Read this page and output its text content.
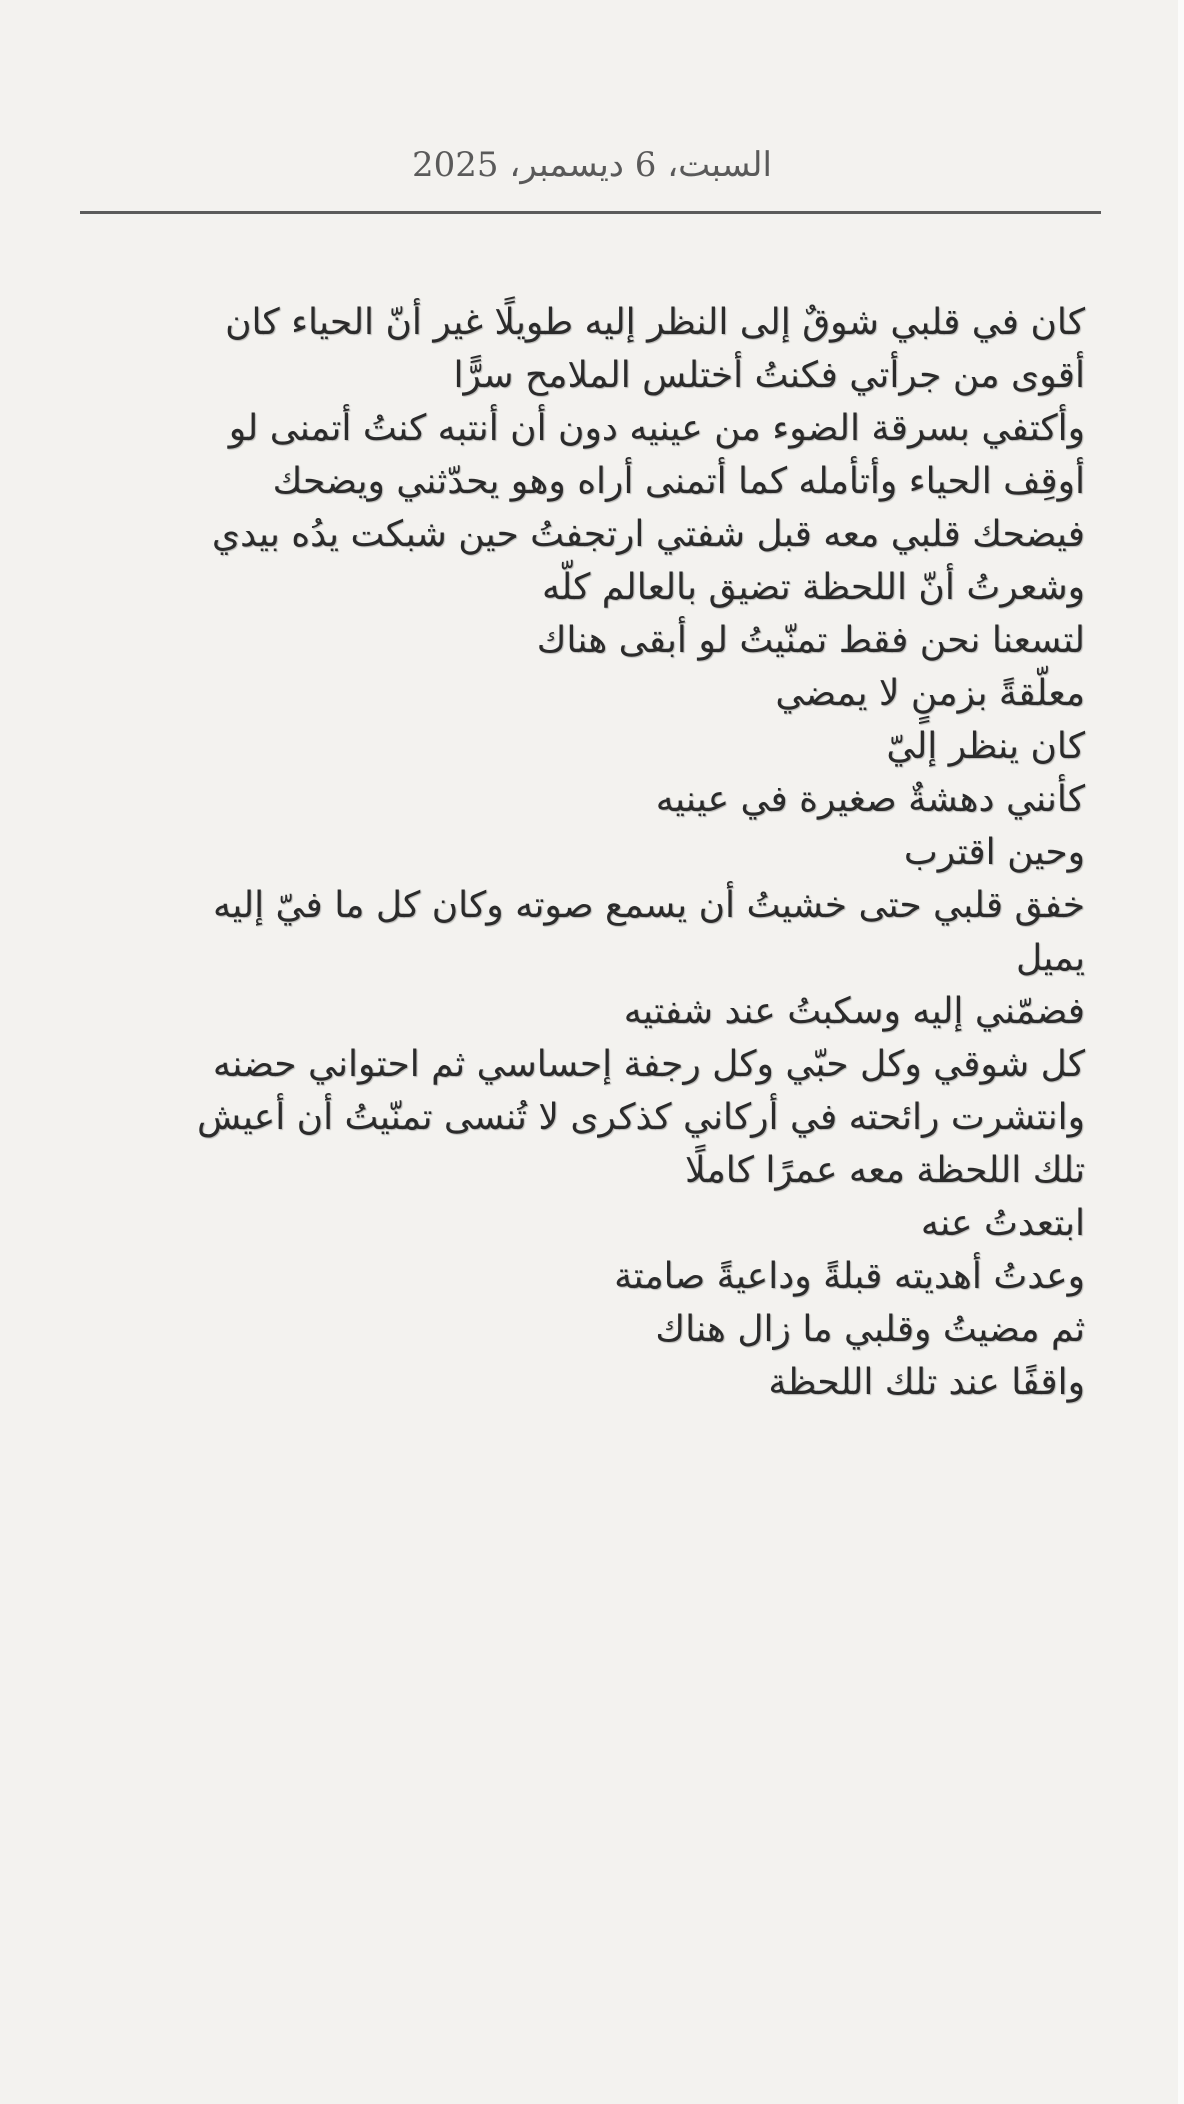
السبت، 6 ديسمبر، 2025
كان في قلبي شوقٌ إلى النظر إليه طويلًا غير أنّ الحياء كان
أقوى من جرأتي فكنتُ أختلس الملامح سرًّا
وأكتفي بسرقة الضوء من عينيه دون أن أنتبه كنتُ أتمنى لو
أوقِف الحياء وأتأمله كما أتمنى أراه وهو يحدّثني ويضحك
فيضحك قلبي معه قبل شفتي ارتجفتُ حين شبكت يدُه بيدي
وشعرتُ أنّ اللحظة تضيق بالعالم كلّه
لتسعنا نحن فقط تمنّيتُ لو أبقى هناك
معلّقةً بزمنٍ لا يمضي
كان ينظر إليّ
كأنني دهشةٌ صغيرة في عينيه
وحين اقترب
خفق قلبي حتى خشيتُ أن يسمع صوته وكان كل ما فيّ إليه
يميل
فضمّني إليه وسكبتُ عند شفتيه
كل شوقي وكل حبّي وكل رجفة إحساسي ثم احتواني حضنه
وانتشرت رائحته في أركاني كذكرى لا تُنسى تمنّيتُ أن أعيش
تلك اللحظة معه عمرًا كاملًا
ابتعدتُ عنه
وعدتُ أهديته قبلةً وداعيةً صامتة
ثم مضيتُ وقلبي ما زال هناك
واقفًا عند تلك اللحظة
